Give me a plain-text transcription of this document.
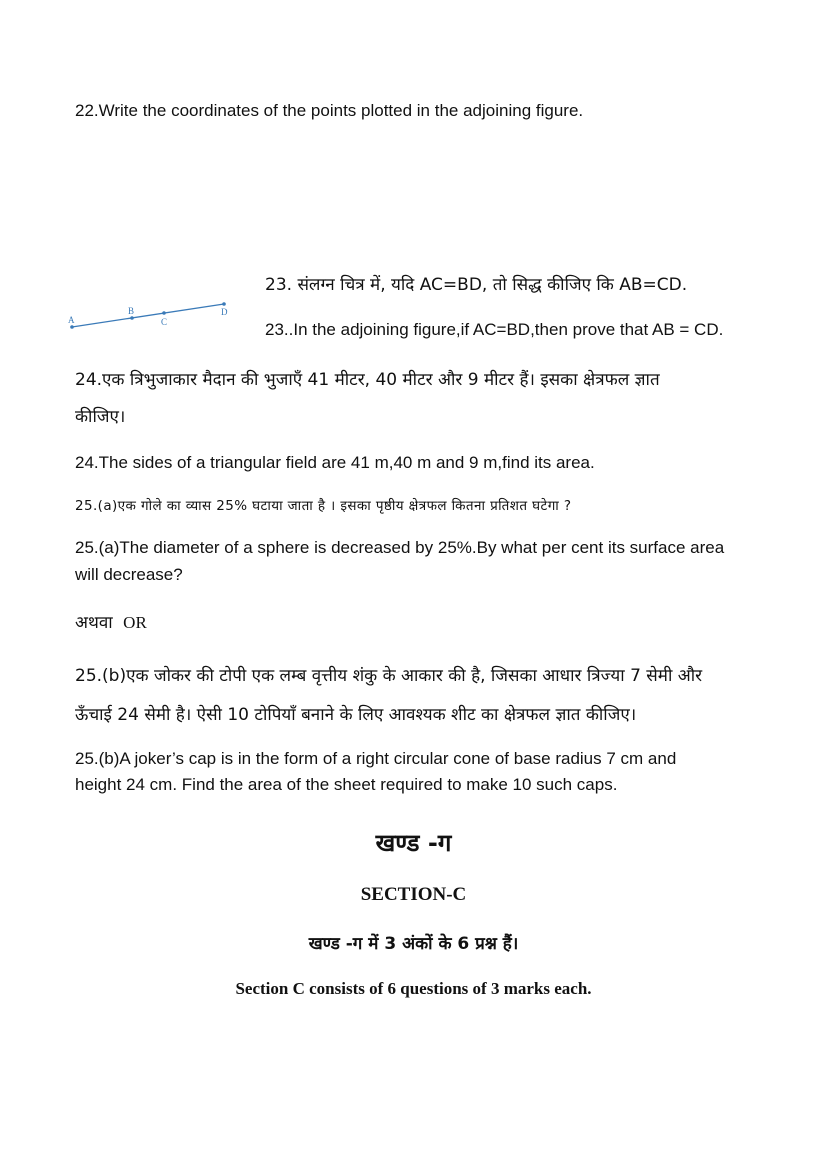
22.Write the coordinates of the points plotted in the adjoining figure.
23. संलग्न चित्र में, यदि AC=BD, तो सिद्ध कीजिए कि AB=CD.
A
B
C
D
23..In the adjoining figure,if AC=BD,then prove that AB = CD.
24.एक त्रिभुजाकार मैदान की भुजाएँ 41 मीटर, 40 मीटर और 9 मीटर हैं। इसका क्षेत्रफल ज्ञात
कीजिए।
24.The sides of a triangular field are 41 m,40 m and 9 m,find its area.
25.(a)एक गोले का व्यास 25% घटाया जाता है । इसका पृष्ठीय क्षेत्रफल कितना प्रतिशत घटेगा ?
25.(a)The diameter of a sphere is decreased by 25%.By what per cent its surface area
will decrease?
अथवा OR
25.(b)एक जोकर की टोपी एक लम्ब वृत्तीय शंकु के आकार की है, जिसका आधार त्रिज्या 7 सेमी और
ऊँचाई 24 सेमी है। ऐसी 10 टोपियाँ बनाने के लिए आवश्यक शीट का क्षेत्रफल ज्ञात कीजिए।
25.(b)A joker’s cap is in the form of a right circular cone of base radius 7 cm and
height 24 cm. Find the area of the sheet required to make 10 such caps.
खण्ड -ग
SECTION-C
खण्ड -ग में 3 अंकों के 6 प्रश्न हैं।
Section C consists of 6 questions of 3 marks each.
